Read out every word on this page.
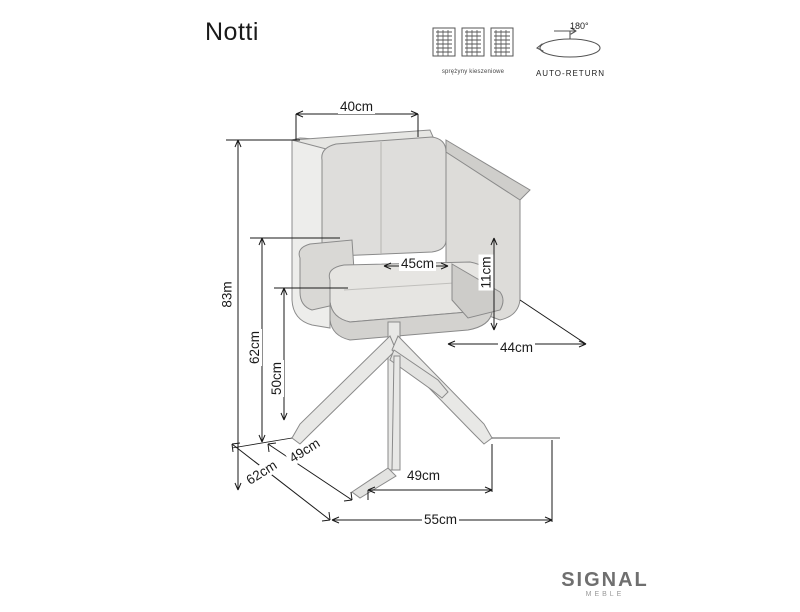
Notti
sprężyny kieszeniowe
180°
AUTO-RETURN
40cm
45cm	11cm
83m
62cm
50cm
44cm
49cm
62cm	49cm
55cm
SIGNAL
MEBLE
